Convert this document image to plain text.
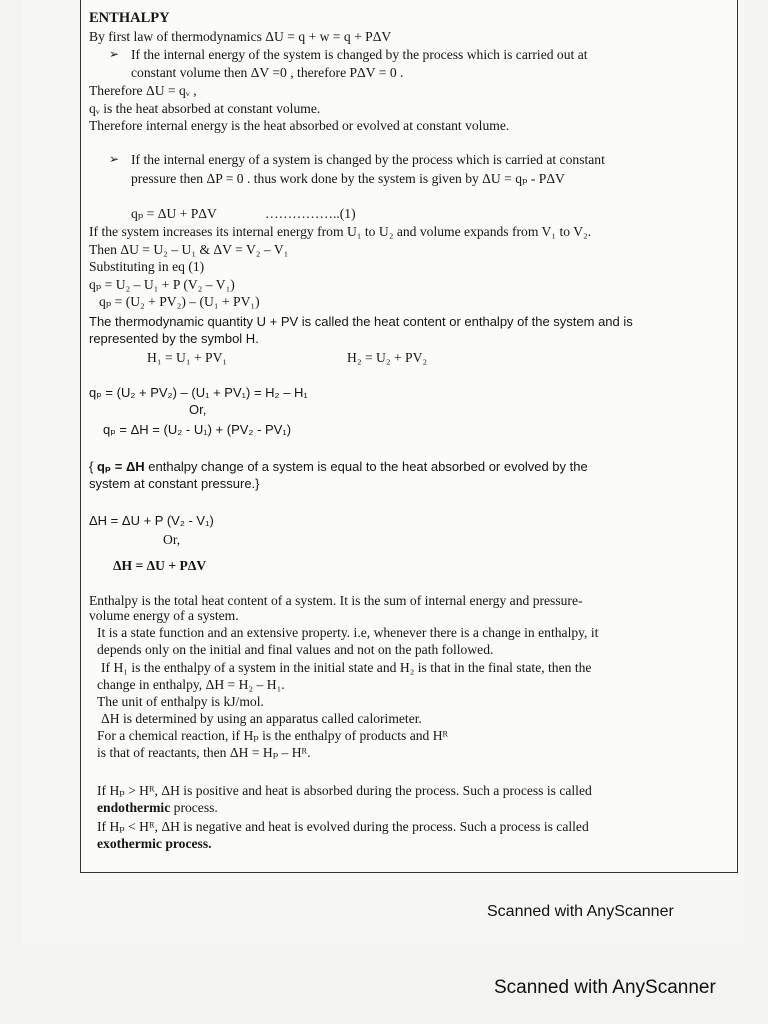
ENTHALPY
By first law of thermodynamics ΔU = q + w = q + PΔV
➢ If the internal energy of the system is changed by the process which is carried out at
constant volume then ΔV =0 , therefore PΔV = 0 .
Therefore ΔU = qᵥ ,
qᵥ is the heat absorbed at constant volume.
Therefore internal energy is the heat absorbed or evolved at constant volume.
➢ If the internal energy of a system is changed by the process which is carried at constant
pressure then ΔP = 0 . thus work done by the system is given by ΔU = qₚ - PΔV
qₚ = ΔU + PΔV	……………..(1)
If the system increases its internal energy from U₁ to U₂ and volume expands from V₁ to V₂.
Then ΔU = U₂ – U₁ & ΔV = V₂ – V₁
Substituting in eq (1)
qₚ = U₂ – U₁ + P (V₂ – V₁)
qₚ = (U₂ + PV₂) – (U₁ + PV₁)
The thermodynamic quantity U + PV is called the heat content or enthalpy of the system and is
represented by the symbol H.
H₁ = U₁ + PV₁	H₂ = U₂ + PV₂
qₚ = (U₂ + PV₂) – (U₁ + PV₁) = H₂ – H₁
Or,
qₚ = ΔH = (U₂ - U₁) + (PV₂ - PV₁)
{ qₚ = ΔH enthalpy change of a system is equal to the heat absorbed or evolved by the
system at constant pressure.}
ΔH = ΔU + P (V₂ - V₁)
Or,
ΔH = ΔU + PΔV
Enthalpy is the total heat content of a system. It is the sum of internal energy and pressure-
volume energy of a system.
It is a state function and an extensive property. i.e, whenever there is a change in enthalpy, it
depends only on the initial and final values and not on the path followed.
If H₁ is the enthalpy of a system in the initial state and H₂ is that in the final state, then the
change in enthalpy, ΔH = H₂ – H₁.
The unit of enthalpy is kJ/mol.
ΔH is determined by using an apparatus called calorimeter.
For a chemical reaction, if Hₚ is the enthalpy of products and Hᴿ
is that of reactants, then ΔH = Hₚ – Hᴿ.
If Hₚ > Hᴿ, ΔH is positive and heat is absorbed during the process. Such a process is called
endothermic process.
If Hₚ < Hᴿ, ΔH is negative and heat is evolved during the process. Such a process is called
exothermic process.
Scanned with AnyScanner
Scanned with AnyScanner
